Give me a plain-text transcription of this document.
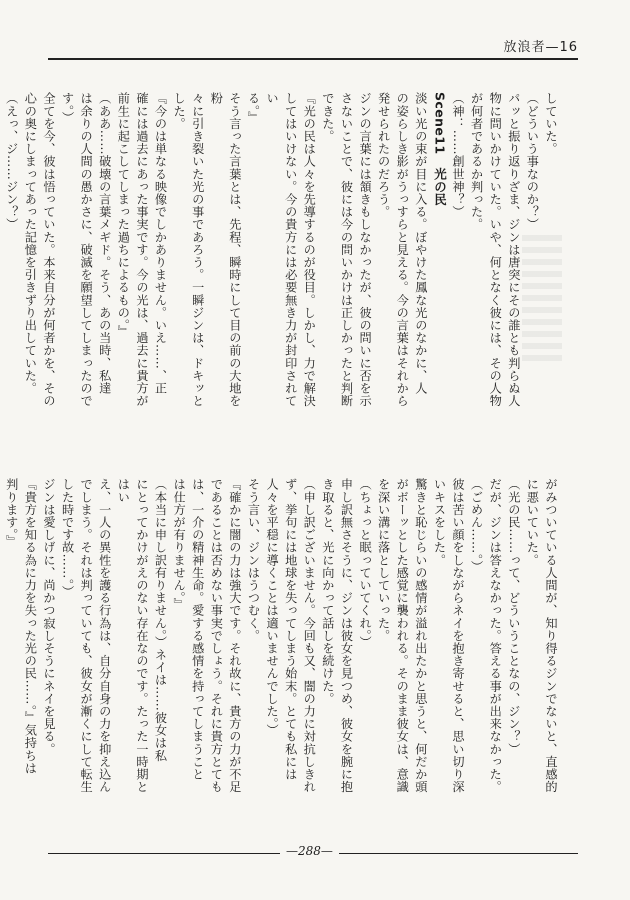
放浪者—16

していた。

（どういう事なのか？）

パッと振り返りざま、ジンは唐突にその誰とも判らぬ人

物に問いかけていた。いや、何となく彼には、その人物

が何者であるか判った。

（神：……創世神？）

Scene11　光の民

淡い光の束が目に入る。ぼやけた鳳な光のなかに、人

の姿らしき影がうっすらと見える。今の言葉はそれから

発せられたのだろう。

ジンの言葉には頷きもしなかったが、彼の問いに否を示

さないことで、彼には今の問いかけは正しかったと判断

できた。

『光の民は人々を先導するのが役目。しかし、力で解決

してはいけない。今の貴方には必要無き力が封印されてい

る。』

そう言った言葉とは、先程、瞬時にして目の前の大地を粉

々に引き裂いた光の事であろう。一瞬ジンは、ドキッと

した。

『今のは単なる映像でしかありません。いえ……、正

確には過去にあった事実です。今の光は、過去に貴方が

前生に起こしてしまった過ちによるもの。』

（ああ……破壊の言葉メギド。そう、あの当時、私達

は余りの人間の愚かさに、破滅を願望してしまったので

す。）

全てを今、彼は悟っていた。本来自分が何者かを、その

心の奥にしまってあった記憶を引きずり出していた。

（えっ、ジ……ジン？）

がみついている人間が、知り得るジンでないと、直感的

に悪いていた。

（光の民……って、どういうことなの、ジン？）

だが、ジンは答えなかった。答える事が出来なかった。

（ごめん……。）

彼は苦い顔をしながらネイを抱き寄せると、思い切り深

いキスをした。

驚きと恥じらいの感情が溢れ出たかと思うと、何だか頭

がボーッとした感覚に襲われる。そのまま彼女は、意識

を深い溝に落としていった。

（ちょっと眠っていてくれ。）

申し訳無さそうに、ジンは彼女を見つめ、彼女を腕に抱

き取ると、光に向かって話しを続けた。

（申し訳ございません。今回も又、闇の力に対抗しきれ

ず、挙句には地球を失ってしまう始末。とても私には

人々を平穏に導くことは適いませんでした。）

そう言い、ジンはうつむく。

『確かに闇の力は強大です。それ故に、貴方の力が不足

であることは否めない事実でしょう。それに貴方とても

は、一介の精神生命。愛する感情を持ってしまうこと

は仕方が有りません。』

（本当に申し訳有りません。）ネイは……彼女は私

にとってかけがえのない存在なのです。たった一時期とはい

え、一人の異性を護る行為は、自分自身の力を抑え込ん

でしまう。それは判っていても、彼女が漸くにして転生

した時です故……。）

ジンは愛しげに、尚かつ寂しそうにネイを見る。

『貴方を知る為に力を失った光の民……。』気持ちは

判ります。』

—288—
